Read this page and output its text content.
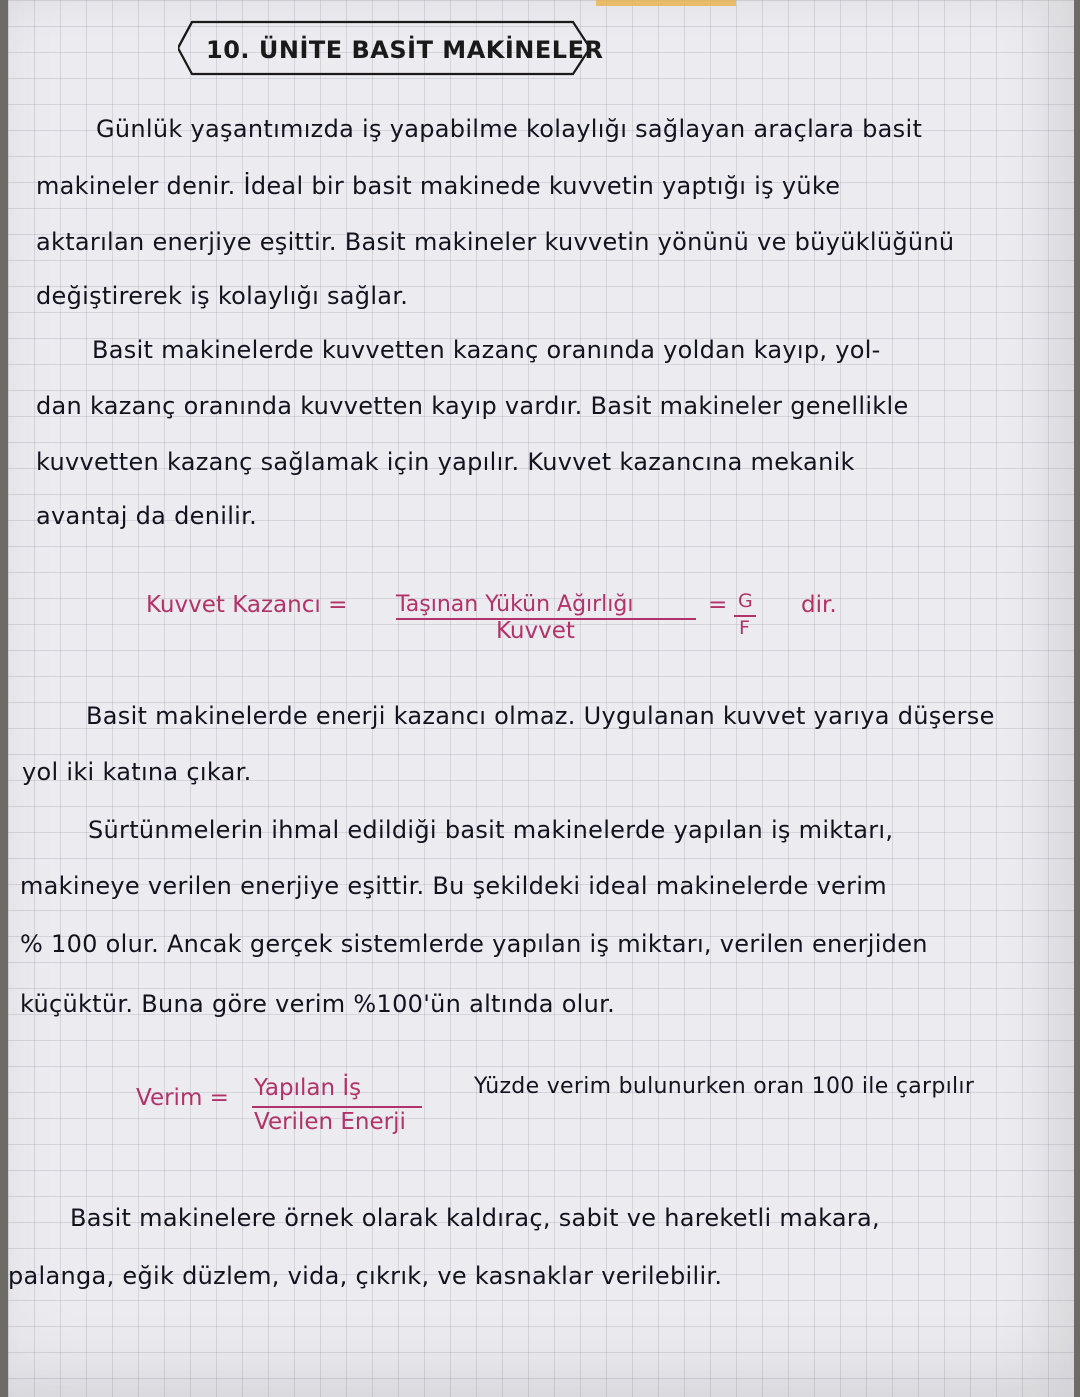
10. ÜNİTE BASİT MAKİNELER
Günlük yaşantımızda iş yapabilme kolaylığı sağlayan araçlara basit
makineler denir. İdeal bir basit makinede kuvvetin yaptığı iş yüke
aktarılan enerjiye eşittir. Basit makineler kuvvetin yönünü ve büyüklüğünü
değiştirerek iş kolaylığı sağlar.
Basit makinelerde kuvvetten kazanç oranında yoldan kayıp, yol-
dan kazanç oranında kuvvetten kayıp vardır. Basit makineler genellikle
kuvvetten kazanç sağlamak için yapılır. Kuvvet kazancına mekanik
avantaj da denilir.
Kuvvet Kazancı = Taşınan Yükün Ağırlığı
Kuvvet
= G
F
dir.
Basit makinelerde enerji kazancı olmaz. Uygulanan kuvvet yarıya düşerse
yol iki katına çıkar.
Sürtünmelerin ihmal edildiği basit makinelerde yapılan iş miktarı,
makineye verilen enerjiye eşittir. Bu şekildeki ideal makinelerde verim
% 100 olur. Ancak gerçek sistemlerde yapılan iş miktarı, verilen enerjiden
küçüktür. Buna göre verim %100'ün altında olur.
Verim = Yapılan İş
Verilen Enerji
Yüzde verim bulunurken oran 100 ile çarpılır
Basit makinelere örnek olarak kaldıraç, sabit ve hareketli makara,
palanga, eğik düzlem, vida, çıkrık, ve kasnaklar verilebilir.
